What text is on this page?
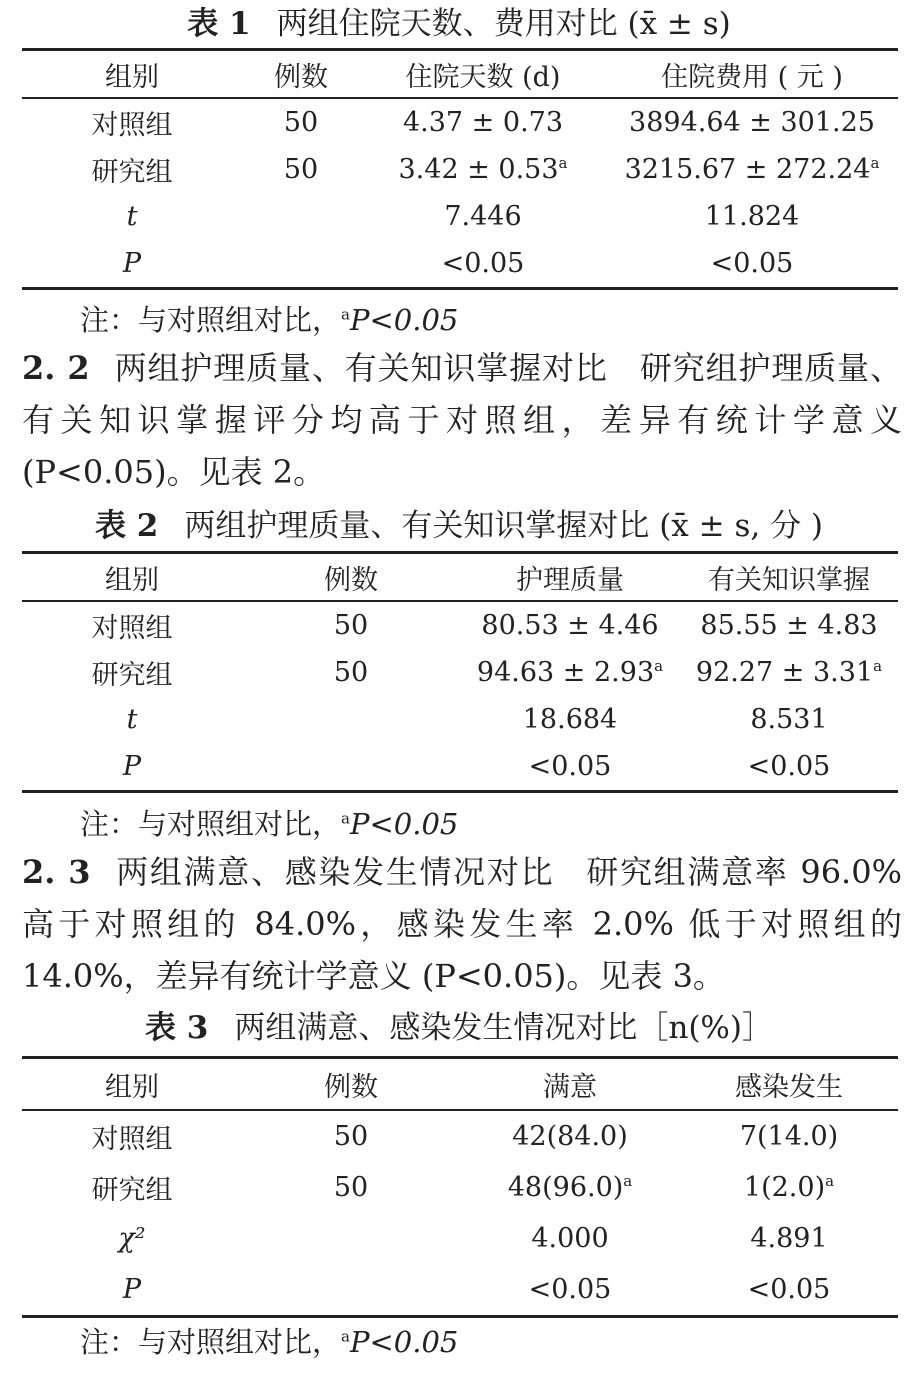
表 1 两组住院天数、费用对比 (x̄ ± s)
组别	例数	住院天数 (d)	住院费用 ( 元 )
对照组	50	4.37 ± 0.73	3894.64 ± 301.25
研究组	50	3.42 ± 0.53$^a$	3215.67 ± 272.24$^a$
t		7.446	11.824
P		<0.05	<0.05
注：与对照组对比，$^a$P<0.05
2. 2 两组护理质量、有关知识掌握对比 研究组护理质量、有关知识掌握评分均高于对照组，差异有统计学意义 (P<0.05)。见表 2。
表 2 两组护理质量、有关知识掌握对比 (x̄ ± s, 分 )
组别	例数	护理质量	有关知识掌握
对照组	50	80.53 ± 4.46	85.55 ± 4.83
研究组	50	94.63 ± 2.93$^a$	92.27 ± 3.31$^a$
t		18.684	8.531
P		<0.05	<0.05
注：与对照组对比，$^a$P<0.05
2. 3 两组满意、感染发生情况对比 研究组满意率 96.0% 高于对照组的 84.0%，感染发生率 2.0% 低于对照组的 14.0%，差异有统计学意义 (P<0.05)。见表 3。
表 3 两组满意、感染发生情况对比［n(%)］
组别	例数	满意	感染发生
对照组	50	42(84.0)	7(14.0)
研究组	50	$48(96.0)^a$	$1(2.0)^a$
χ²		4.000	4.891
P		<0.05	<0.05
注：与对照组对比，$^a$P<0.05
